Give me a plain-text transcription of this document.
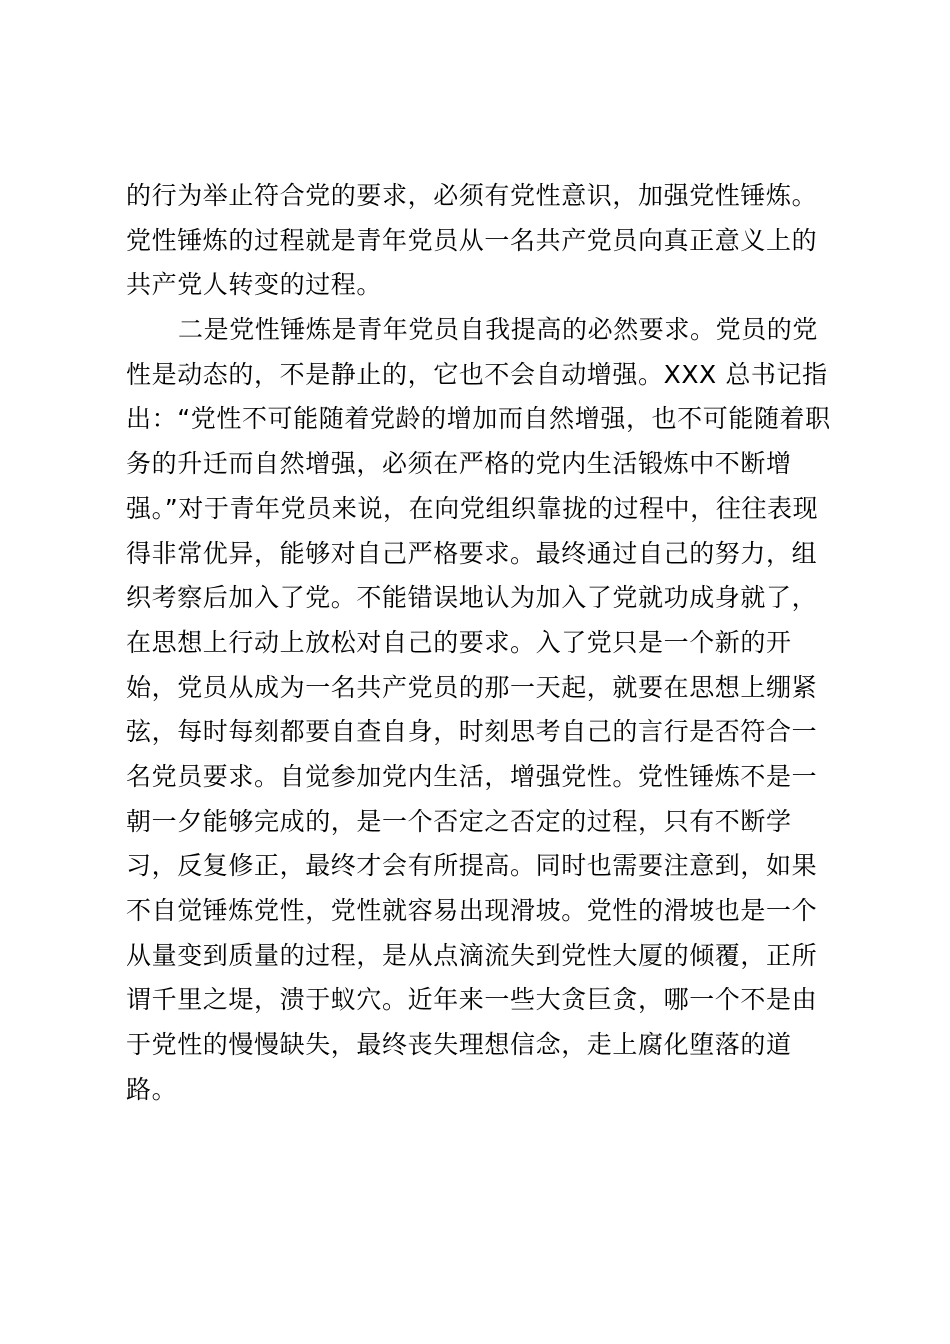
的行为举止符合党的要求，必须有党性意识，加强党性锤炼。
党性锤炼的过程就是青年党员从一名共产党员向真正意义上的
共产党人转变的过程。
二是党性锤炼是青年党员自我提高的必然要求。党员的党
性是动态的，不是静止的，它也不会自动增强。XXX 总书记指
出：“党性不可能随着党龄的增加而自然增强，也不可能随着职
务的升迁而自然增强，必须在严格的党内生活锻炼中不断增
强。”对于青年党员来说，在向党组织靠拢的过程中，往往表现
得非常优异，能够对自己严格要求。最终通过自己的努力，组
织考察后加入了党。不能错误地认为加入了党就功成身就了，
在思想上行动上放松对自己的要求。入了党只是一个新的开
始，党员从成为一名共产党员的那一天起，就要在思想上绷紧
弦，每时每刻都要自查自身，时刻思考自己的言行是否符合一
名党员要求。自觉参加党内生活，增强党性。党性锤炼不是一
朝一夕能够完成的，是一个否定之否定的过程，只有不断学
习，反复修正，最终才会有所提高。同时也需要注意到，如果
不自觉锤炼党性，党性就容易出现滑坡。党性的滑坡也是一个
从量变到质量的过程，是从点滴流失到党性大厦的倾覆，正所
谓千里之堤，溃于蚁穴。近年来一些大贪巨贪，哪一个不是由
于党性的慢慢缺失，最终丧失理想信念，走上腐化堕落的道
路。
